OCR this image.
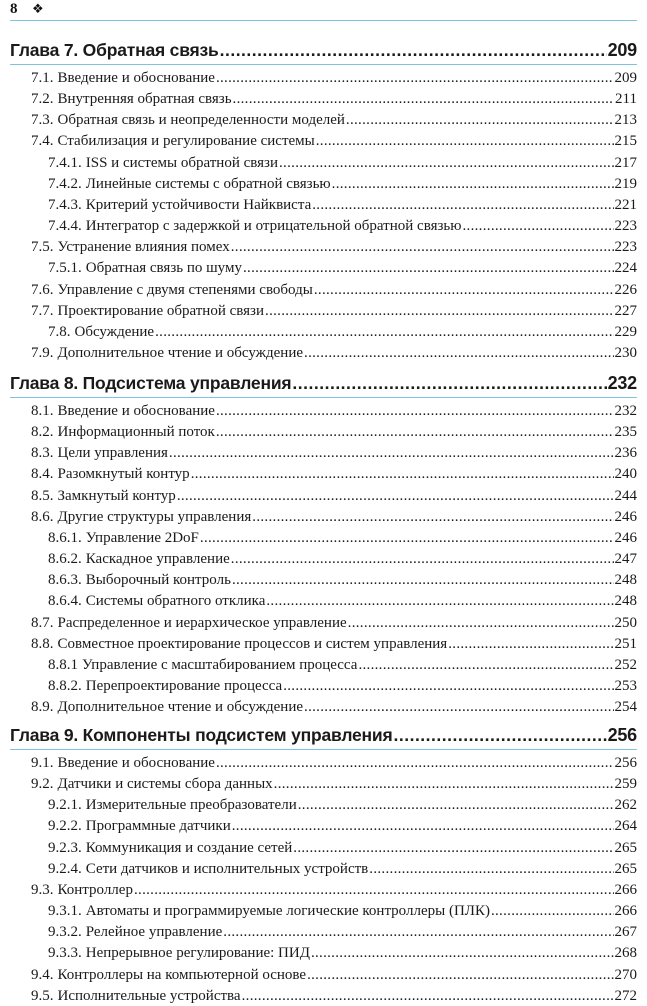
8 ❖
Глава 7. Обратная связь .....	209
7.1. Введение и обоснование .....	209
7.2. Внутренняя обратная связь .....	211
7.3. Обратная связь и неопределенности моделей .....	213
7.4. Стабилизация и регулирование системы .....	215
7.4.1. ISS и системы обратной связи .....	217
7.4.2. Линейные системы с обратной связью .....	219
7.4.3. Критерий устойчивости Найквиста .....	221
7.4.4. Интегратор с задержкой и отрицательной обратной связью .....	223
7.5. Устранение влияния помех .....	223
7.5.1. Обратная связь по шуму .....	224
7.6. Управление с двумя степенями свободы .....	226
7.7. Проектирование обратной связи .....	227
7.8. Обсуждение .....	229
7.9. Дополнительное чтение и обсуждение .....	230
Глава 8. Подсистема управления .....	232
8.1. Введение и обоснование .....	232
8.2. Информационный поток .....	235
8.3. Цели управления .....	236
8.4. Разомкнутый контур .....	240
8.5. Замкнутый контур .....	244
8.6. Другие структуры управления .....	246
8.6.1. Управление 2DoF .....	246
8.6.2. Каскадное управление .....	247
8.6.3. Выборочный контроль .....	248
8.6.4. Системы обратного отклика .....	248
8.7. Распределенное и иерархическое управление .....	250
8.8. Совместное проектирование процессов и систем управления .....	251
8.8.1 Управление с масштабированием процесса .....	252
8.8.2. Перепроектирование процесса .....	253
8.9. Дополнительное чтение и обсуждение .....	254
Глава 9. Компоненты подсистем управления .....	256
9.1. Введение и обоснование .....	256
9.2. Датчики и системы сбора данных .....	259
9.2.1. Измерительные преобразователи .....	262
9.2.2. Программные датчики .....	264
9.2.3. Коммуникация и создание сетей .....	265
9.2.4. Сети датчиков и исполнительных устройств .....	265
9.3. Контроллер .....	266
9.3.1. Автоматы и программируемые логические контроллеры (ПЛК) .....	266
9.3.2. Релейное управление .....	267
9.3.3. Непрерывное регулирование: ПИД .....	268
9.4. Контроллеры на компьютерной основе .....	270
9.5. Исполнительные устройства .....	272
